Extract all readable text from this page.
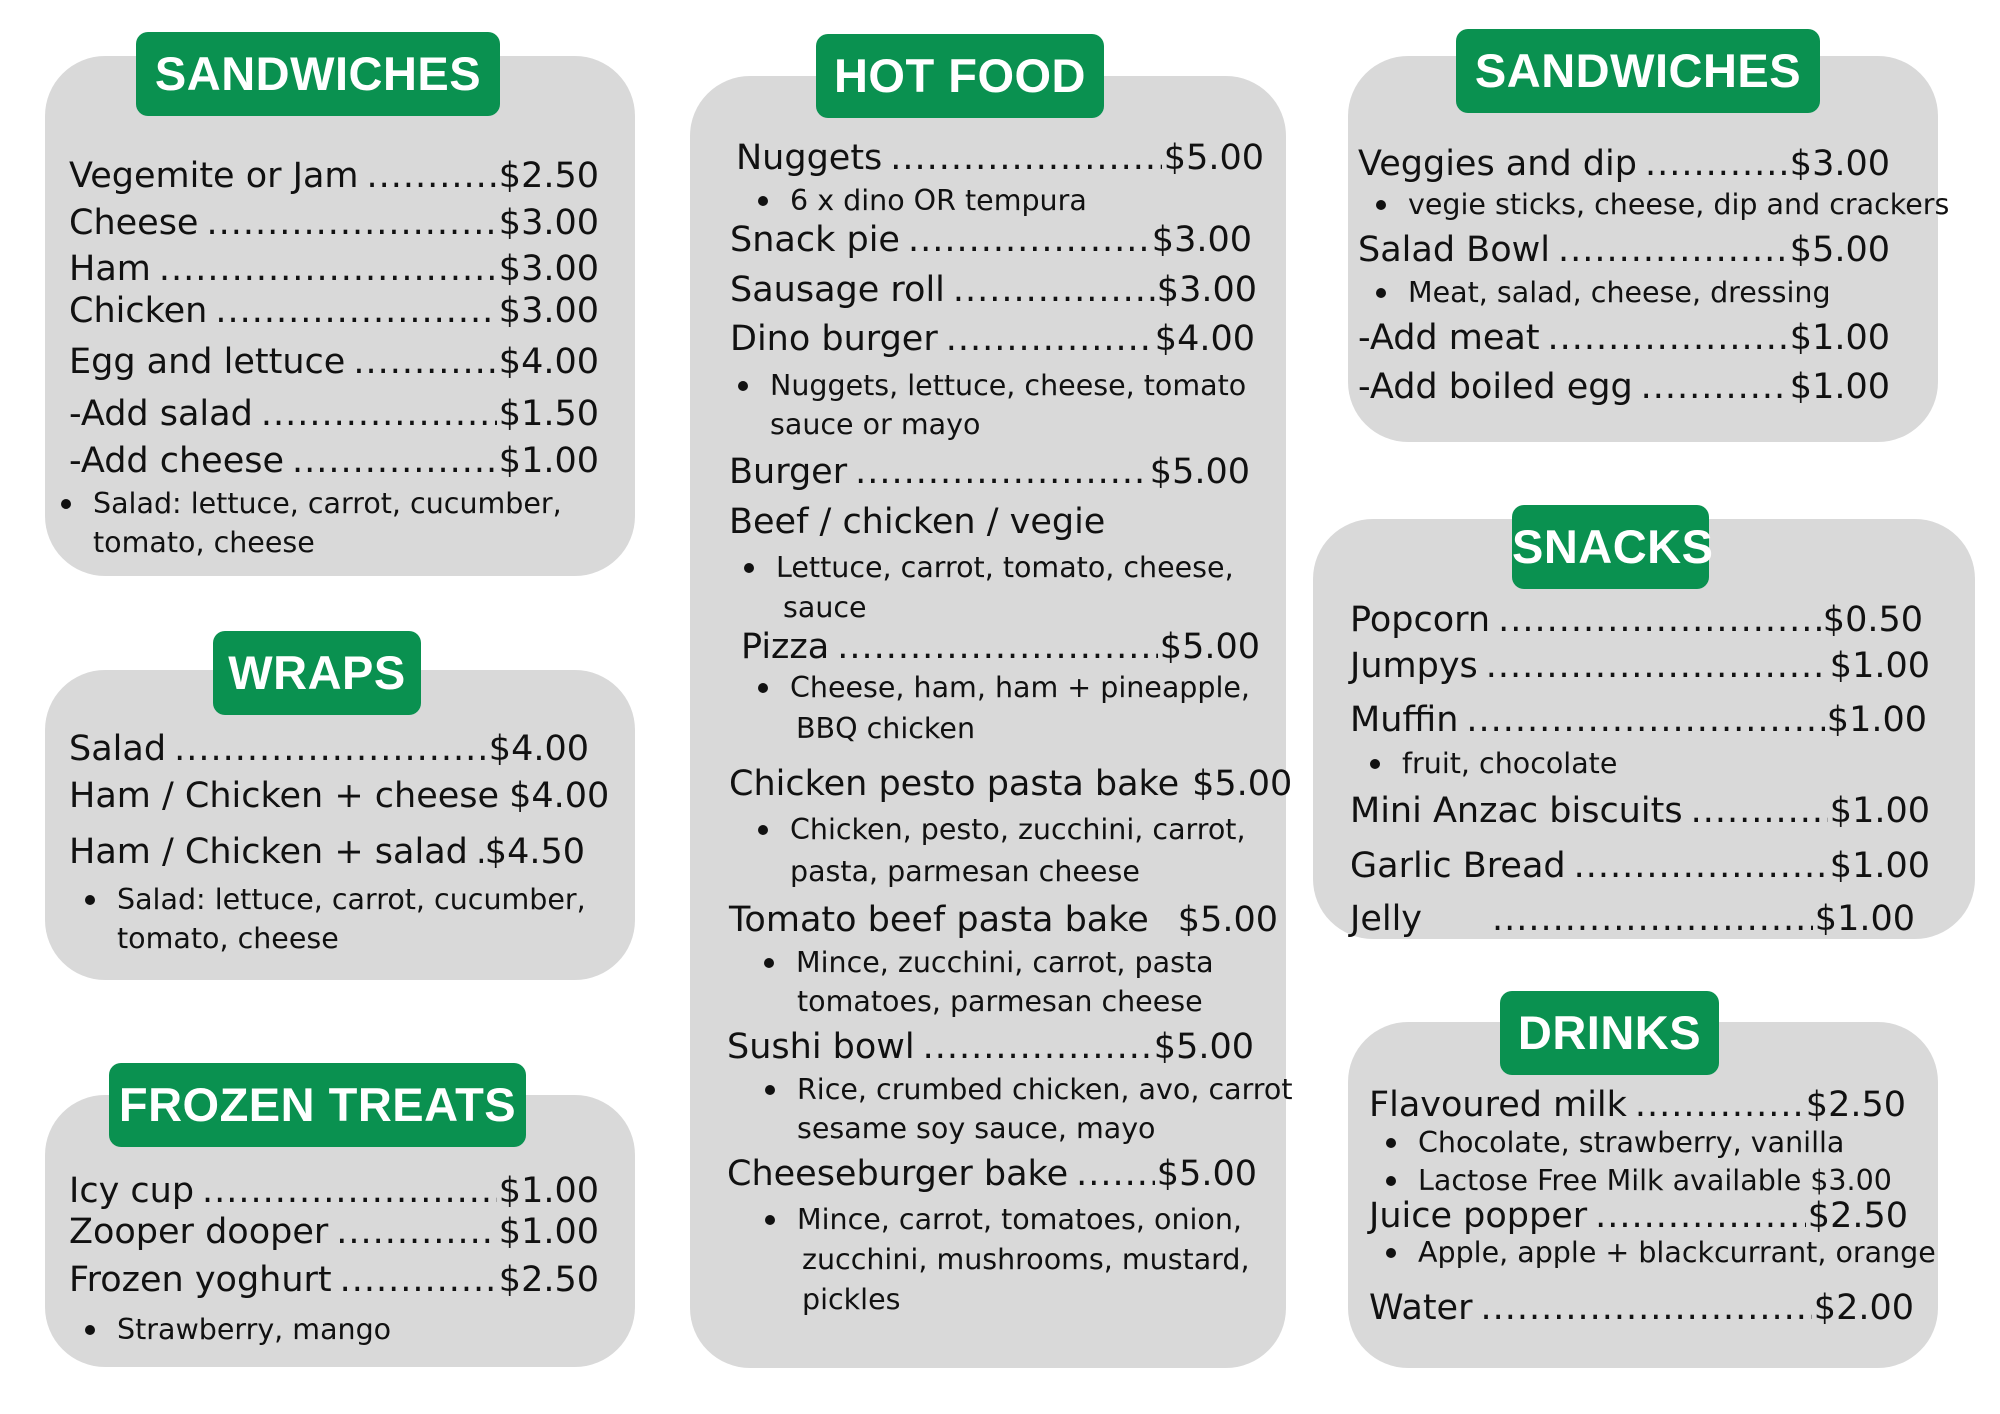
SANDWICHES
Vegemite or Jam .....	$2.50
Cheese .....	$3.00
Ham .....	$3.00
Chicken .....	$3.00
Egg and lettuce .....	$4.00
-Add salad .....	$1.50
-Add cheese .....	$1.00
Salad: lettuce, carrot, cucumber,
tomato, cheese
WRAPS
Salad .....	$4.00
Ham / Chicken + cheese $4.00
Ham / Chicken + salad ..... $4.50
Salad: lettuce, carrot, cucumber,
tomato, cheese
FROZEN TREATS
Icy cup .....	$1.00
Zooper dooper .....	$1.00
Frozen yoghurt .....	$2.50
Strawberry, mango
HOT FOOD
Nuggets .....	$5.00
6 x dino OR tempura
Snack pie .....	$3.00
Sausage roll .....	$3.00
Dino burger .....	$4.00
Nuggets, lettuce, cheese, tomato
sauce or mayo
Burger .....	$5.00
Beef / chicken / vegie
Lettuce, carrot, tomato, cheese,
sauce
Pizza .....	$5.00
Cheese, ham, ham + pineapple,
BBQ chicken
Chicken pesto pasta bake $5.00
Chicken, pesto, zucchini, carrot,
pasta, parmesan cheese
Tomato beef pasta bake $5.00
Mince, zucchini, carrot, pasta
tomatoes, parmesan cheese
Sushi bowl .....	$5.00
Rice, crumbed chicken, avo, carrot
sesame soy sauce, mayo
Cheeseburger bake .....	$5.00
Mince, carrot, tomatoes, onion,
zucchini, mushrooms, mustard,
pickles
SANDWICHES
Veggies and dip .....	$3.00
vegie sticks, cheese, dip and crackers
Salad Bowl .....	$5.00
Meat, salad, cheese, dressing
-Add meat .....	$1.00
-Add boiled egg .....	$1.00
SNACKS
Popcorn .....	$0.50
Jumpys .....	$1.00
Muffin .....	$1.00
fruit, chocolate
Mini Anzac biscuits .....	$1.00
Garlic Bread .....	$1.00
Jelly .....	$1.00
DRINKS
Flavoured milk .....	$2.50
Chocolate, strawberry, vanilla
Lactose Free Milk available $3.00
Juice popper .....	$2.50
Apple, apple + blackcurrant, orange
Water .....	$2.00
